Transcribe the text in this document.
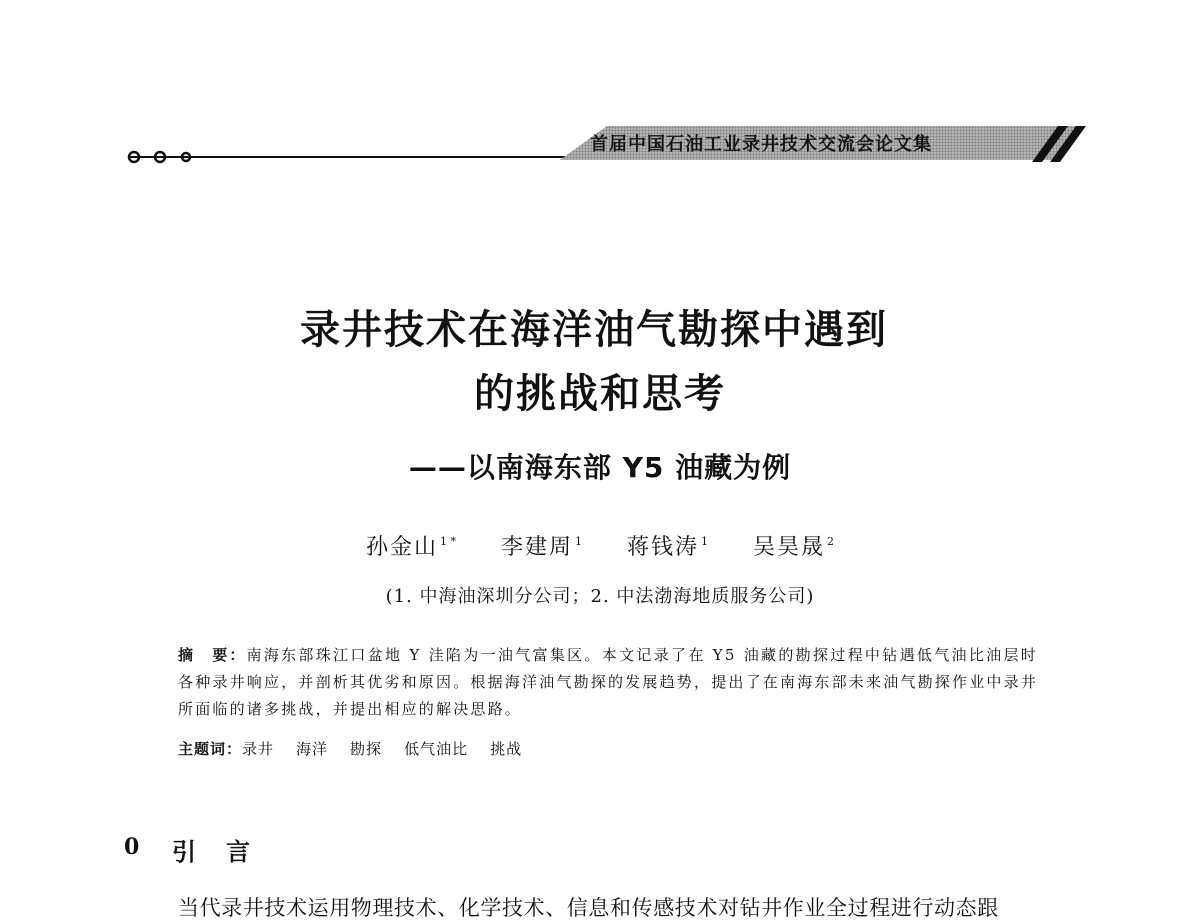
首届中国石油工业录井技术交流会论文集
录井技术在海洋油气勘探中遇到
的挑战和思考
——以南海东部 Y5 油藏为例
孙金山 $^{1 *}$ 李建周 $^1$ 蒋钱涛 $^1$ 吴昊晟 $^2$
(1. 中海油深圳分公司；2. 中法渤海地质服务公司)
摘　要：南海东部珠江口盆地 Y 洼陷为一油气富集区。本文记录了在 Y5 油藏的勘探过程中钻遇低气油比油层时各种录井响应，并剖析其优劣和原因。根据海洋油气勘探的发展趋势，提出了在南海东部未来油气勘探作业中录井所面临的诸多挑战，并提出相应的解决思路。
主题词：录井 海洋 勘探 低气油比 挑战
0 引言
当代录井技术运用物理技术、化学技术、信息和传感技术对钻井作业全过程进行动态跟
